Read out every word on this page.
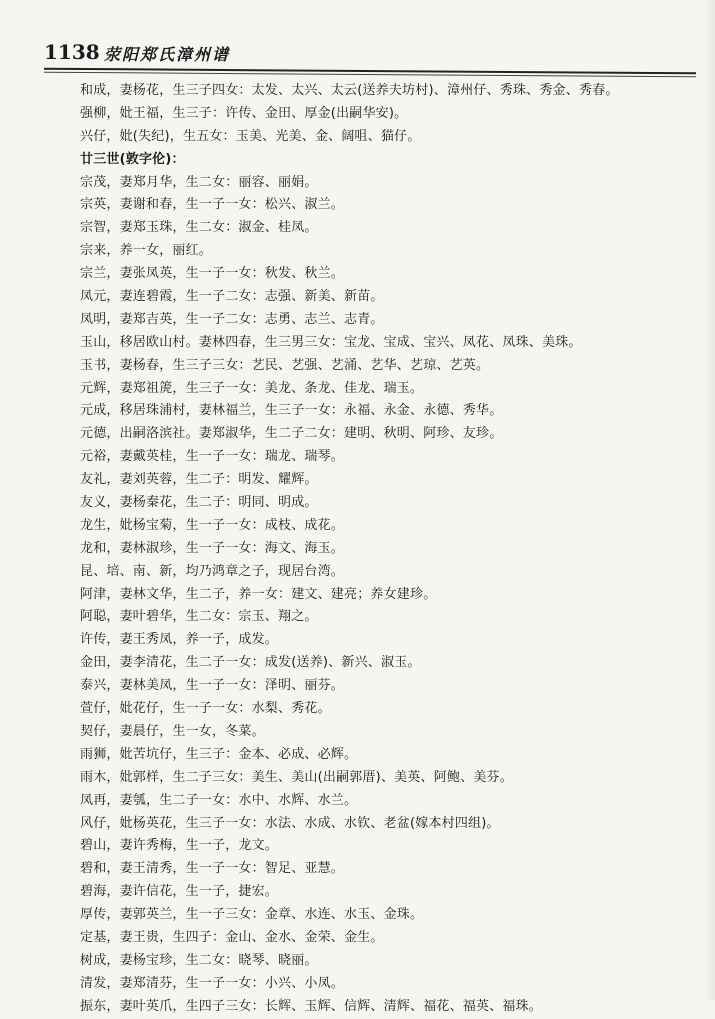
1138 荥阳郑氏漳州谱
和成，妻杨花，生三子四女：太发、太兴、太云(送养夫坊村)、漳州仔、秀珠、秀金、秀春。
强柳，妣王福，生三子：许传、金田、厚金(出嗣华安)。
兴仔，妣(失纪)，生五女：玉美、光美、金、阔咀、猫仔。
廿三世(敦字伦)：
宗茂，妻郑月华，生二女：丽容、丽娟。
宗英，妻谢和春，生一子一女：松兴、淑兰。
宗智，妻郑玉珠，生二女：淑金、桂凤。
宗来，养一女，丽红。
宗兰，妻张凤英，生一子一女：秋发、秋兰。
凤元，妻连碧霞，生一子二女：志强、新美、新苗。
凤明，妻郑吉英，生一子二女：志勇、志兰、志青。
玉山，移居欧山村。妻林四春，生三男三女：宝龙、宝成、宝兴、凤花、凤珠、美珠。
玉书，妻杨春，生三子三女：艺民、艺强、艺涌、艺华、艺琼、艺英。
元辉，妻郑祖箎，生三子一女：美龙、条龙、佳龙、瑞玉。
元成，移居珠浦村，妻林福兰，生三子一女：永福、永金、永德、秀华。
元德，出嗣洛滨社。妻郑淑华，生二子二女：建明、秋明、阿珍、友珍。
元裕，妻戴英桂，生一子一女：瑞龙、瑞琴。
友礼，妻刘英蓉，生二子：明发、耀辉。
友义，妻杨秦花，生二子：明同、明成。
龙生，妣杨宝菊，生一子一女：成枝、成花。
龙和，妻林淑珍，生一子一女：海文、海玉。
昆、培、南、新，均乃鸿章之子，现居台湾。
阿津，妻林文华，生二子，养一女：建文、建亮；养女建珍。
阿聪，妻叶碧华，生二女：宗玉、翔之。
许传，妻王秀凤，养一子，成发。
金田，妻李清花，生二子一女：成发(送养)、新兴、淑玉。
泰兴，妻林美凤，生一子一女：泽明、丽芬。
萱仔，妣花仔，生一子一女：水梨、秀花。
契仔，妻晨仔，生一女，冬菜。
雨狮，妣苦坑仔，生三子：金本、必成、必辉。
雨木，妣郭样，生二子三女：美生、美山(出嗣郭厝)、美英、阿鲍、美芬。
凤再，妻瓠，生二子一女：水中、水辉、水兰。
风仔，妣杨英花，生三子一女：水法、水成、水钦、老盆(嫁本村四组)。
碧山，妻许秀梅，生一子，龙文。
碧和，妻王清秀，生一子一女：智足、亚慧。
碧海，妻许信花，生一子，捷宏。
厚传，妻郭英兰，生一子三女：金章、水连、水玉、金珠。
定基，妻王贵，生四子：金山、金水、金荣、金生。
树成，妻杨宝珍，生二女：晓琴、晓丽。
清发，妻郑清芬，生一子一女：小兴、小凤。
振东，妻叶英爪，生四子三女：长辉、玉辉、信辉、清辉、福花、福英、福珠。
